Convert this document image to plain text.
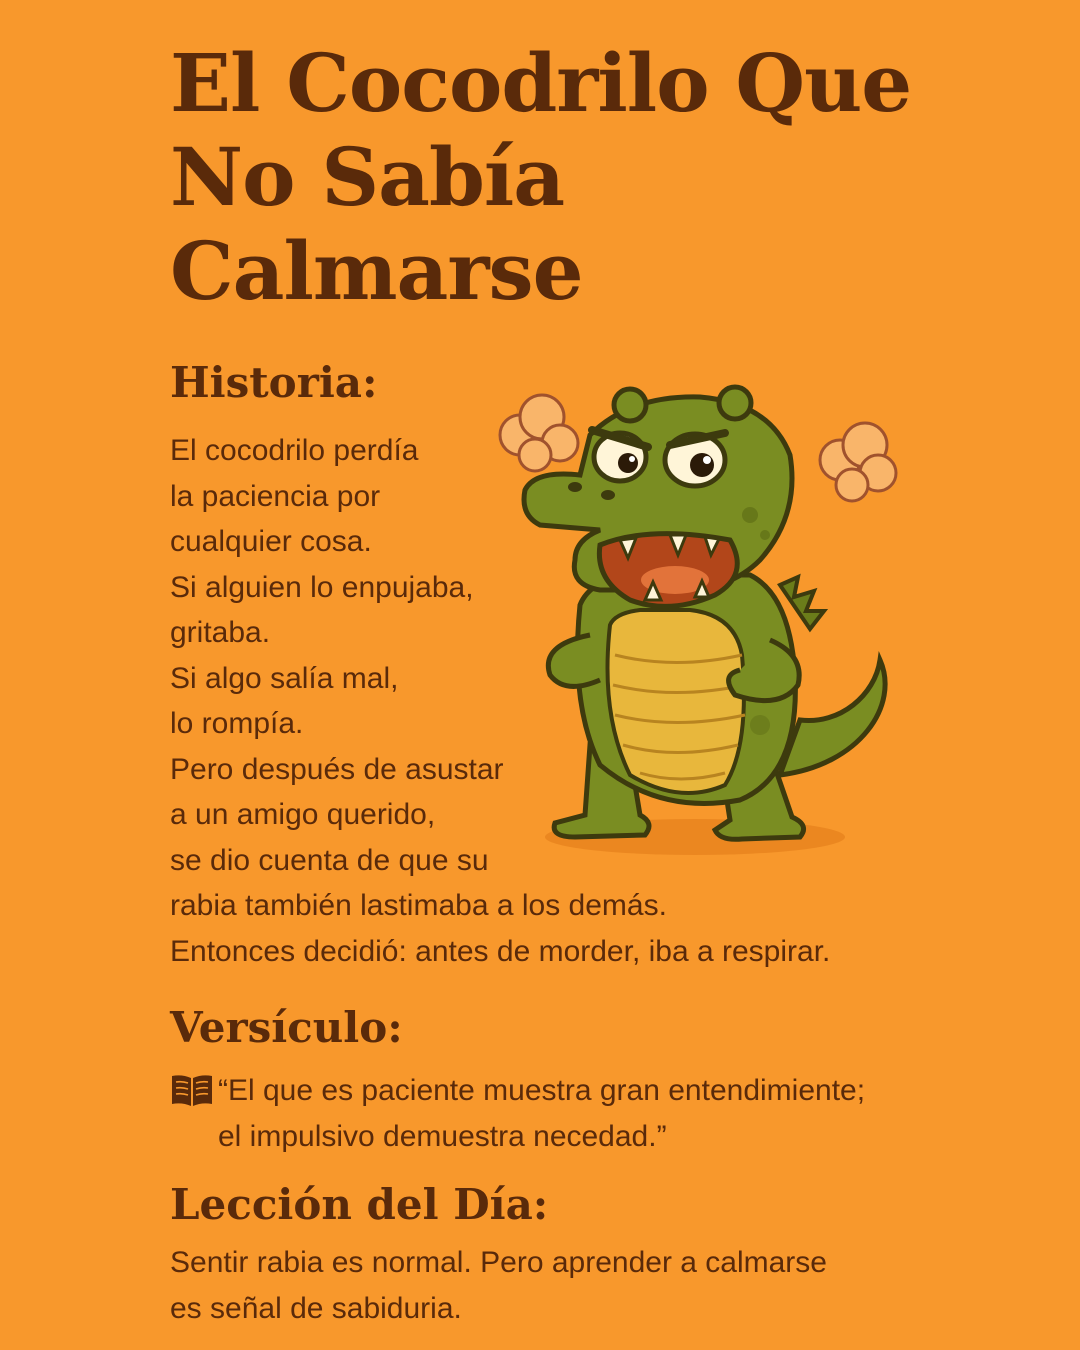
El Cocodrilo Que
No Sabía
Calmarse
Historia:
El cocodrilo perdía
la paciencia por
cualquier cosa.
Si alguien lo enpujaba,
gritaba.
Si algo salía mal,
lo rompía.
Pero después de asustar
a un amigo querido,
se dio cuenta de que su
rabia también lastimaba a los demás.
Entonces decidió: antes de morder, iba a respirar.
Versículo:
“El que es paciente muestra gran entendimiente;
el impulsivo demuestra necedad.”
Lección del Día:
Sentir rabia es normal. Pero aprender a calmarse
es señal de sabiduria.
